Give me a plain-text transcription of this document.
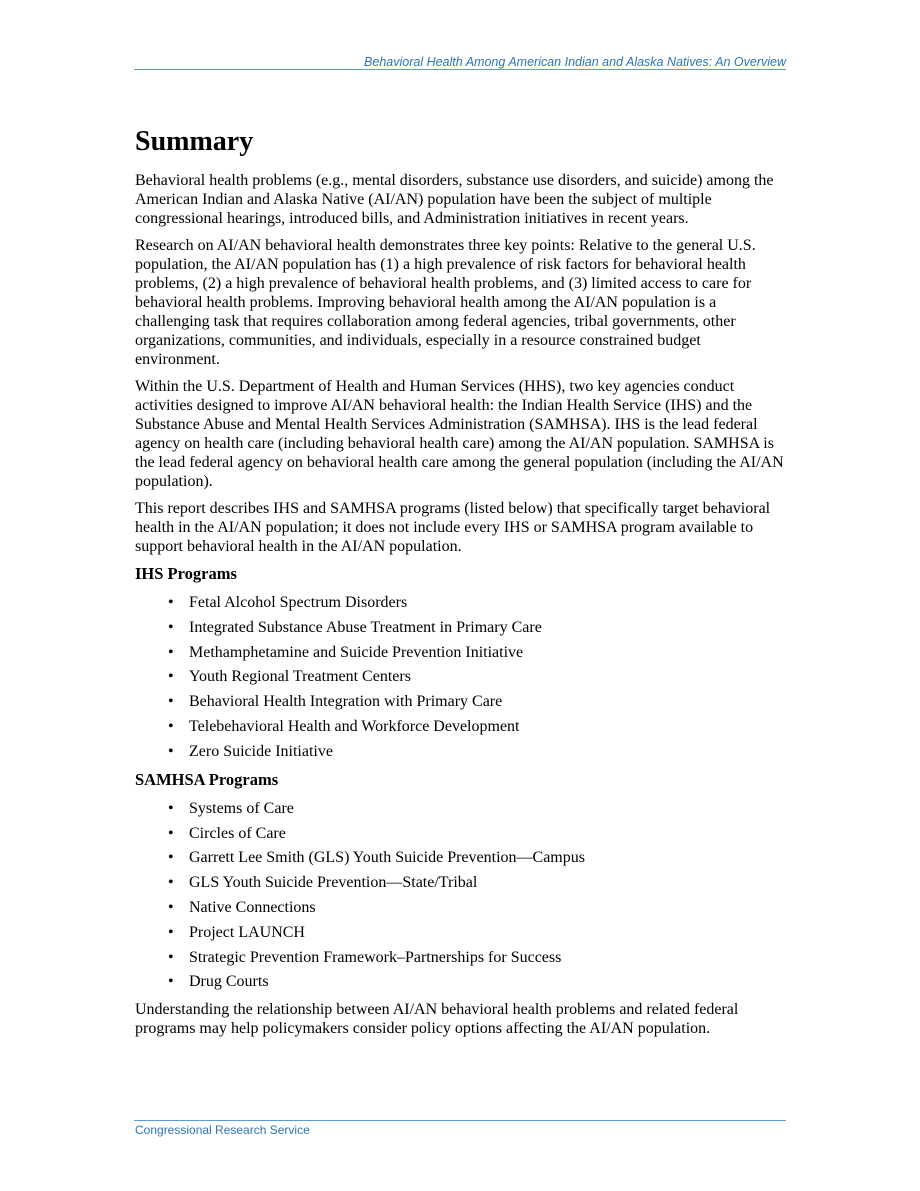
Behavioral Health Among American Indian and Alaska Natives: An Overview
Summary

Behavioral health problems (e.g., mental disorders, substance use disorders, and suicide) among the American Indian and Alaska Native (AI/AN) population have been the subject of multiple congressional hearings, introduced bills, and Administration initiatives in recent years.

Research on AI/AN behavioral health demonstrates three key points: Relative to the general U.S. population, the AI/AN population has (1) a high prevalence of risk factors for behavioral health problems, (2) a high prevalence of behavioral health problems, and (3) limited access to care for behavioral health problems. Improving behavioral health among the AI/AN population is a challenging task that requires collaboration among federal agencies, tribal governments, other organizations, communities, and individuals, especially in a resource constrained budget environment.

Within the U.S. Department of Health and Human Services (HHS), two key agencies conduct activities designed to improve AI/AN behavioral health: the Indian Health Service (IHS) and the Substance Abuse and Mental Health Services Administration (SAMHSA). IHS is the lead federal agency on health care (including behavioral health care) among the AI/AN population. SAMHSA is the lead federal agency on behavioral health care among the general population (including the AI/AN population).

This report describes IHS and SAMHSA programs (listed below) that specifically target behavioral health in the AI/AN population; it does not include every IHS or SAMHSA program available to support behavioral health in the AI/AN population.

IHS Programs
• Fetal Alcohol Spectrum Disorders
• Integrated Substance Abuse Treatment in Primary Care
• Methamphetamine and Suicide Prevention Initiative
• Youth Regional Treatment Centers
• Behavioral Health Integration with Primary Care
• Telebehavioral Health and Workforce Development
• Zero Suicide Initiative
SAMHSA Programs
• Systems of Care
• Circles of Care
• Garrett Lee Smith (GLS) Youth Suicide Prevention—Campus
• GLS Youth Suicide Prevention—State/Tribal
• Native Connections
• Project LAUNCH
• Strategic Prevention Framework–Partnerships for Success
• Drug Courts

Understanding the relationship between AI/AN behavioral health problems and related federal programs may help policymakers consider policy options affecting the AI/AN population.

Congressional Research Service
